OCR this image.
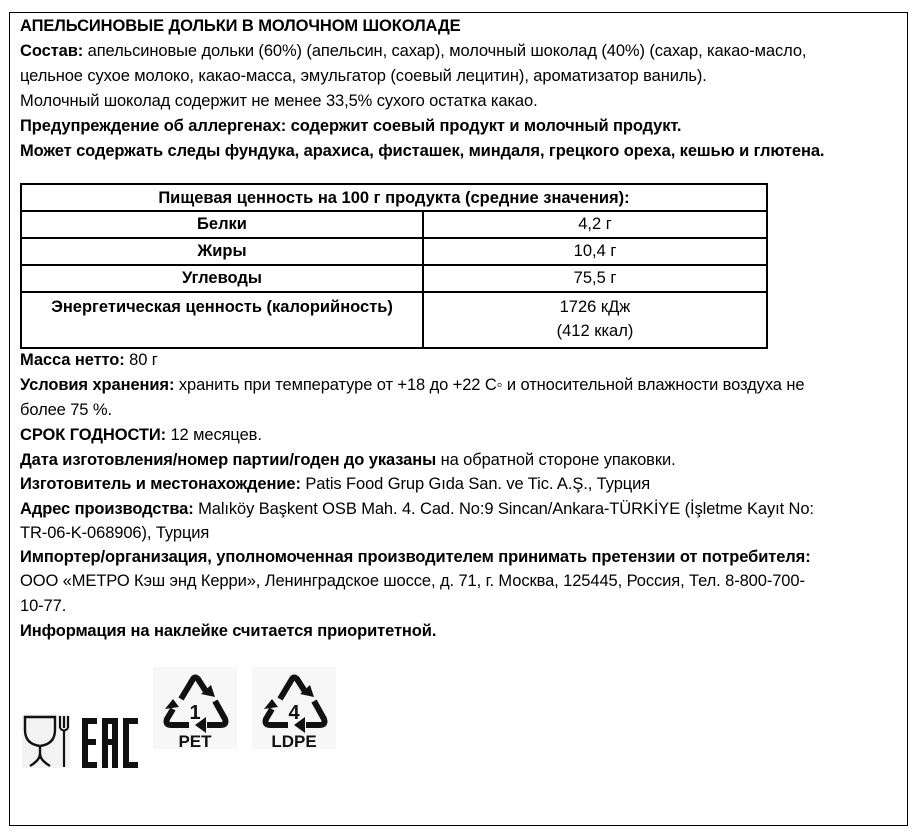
АПЕЛЬСИНОВЫЕ ДОЛЬКИ В МОЛОЧНОМ ШОКОЛАДЕ
Состав: апельсиновые дольки (60%) (апельсин, сахар), молочный шоколад (40%) (сахар, какао-масло,
цельное сухое молоко, какао-масса, эмульгатор (соевый лецитин), ароматизатор ваниль).
Молочный шоколад содержит не менее 33,5% сухого остатка какао.
Предупреждение об аллергенах: содержит соевый продукт и молочный продукт.
Может содержать следы фундука, арахиса, фисташек, миндаля, грецкого ореха, кешью и глютена.
Пищевая ценность на 100 г продукта (средние значения):	
Белки	4,2 г
Жиры	10,4 г
Углеводы	75,5 г
Энергетическая ценность (калорийность)	1726 кДж
(412 ккал)
Масса нетто: 80 г
Условия хранения: хранить при температуре от +18 до +22 С◦ и относительной влажности воздуха не
более 75 %.
СРОК ГОДНОСТИ: 12 месяцев.
Дата изготовления/номер партии/годен до указаны на обратной стороне упаковки.
Изготовитель и местонахождение: Patis Food Grup Gıda San. ve Tic. A.Ş., Турция
Адрес производства: Malıköy Başkent OSB Mah. 4. Cad. No:9 Sincan/Ankara-TÜRKİYE (İşletme Kayıt No:
TR-06-K-068906), Турция
Импортер/организация, уполномоченная производителем принимать претензии от потребителя:
ООО «МЕТРО Кэш энд Керри», Ленинградское шоссе, д. 71, г. Москва, 125445, Россия, Тел. 8-800-700-
10-77.
Информация на наклейке считается приоритетной.
1
PET
4
LDPE
